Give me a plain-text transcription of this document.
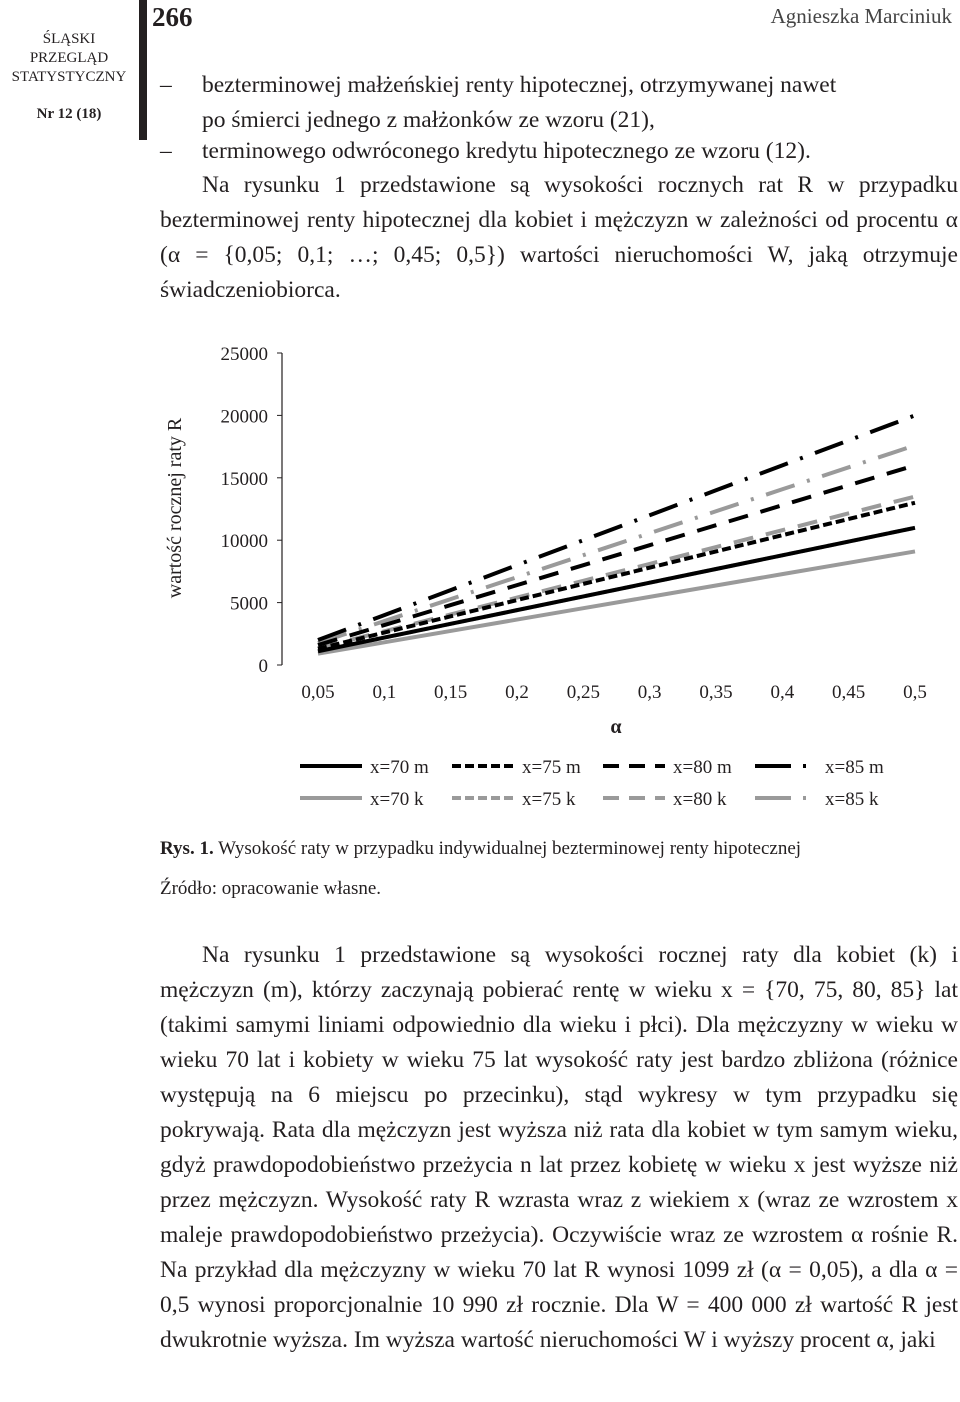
ŚLĄSKI
PRZEGLĄD
STATYSTYCZNY
Nr 12 (18)
266	Agnieszka Marciniuk
–	bezterminowej małżeńskiej renty hipotecznej, otrzymywanej nawet
po śmierci jednego z małżonków ze wzoru (21),
–	terminowego odwróconego kredytu hipotecznego ze wzoru (12).
Na rysunku 1 przedstawione są wysokości rocznych rat R w przypadku bezterminowej renty hipotecznej dla kobiet i mężczyzn w zależności od procentu α (α = {0,05; 0,1; …; 0,45; 0,5}) wartości nieruchomości W, jaką otrzymuje świadczeniobiorca.
0
5000
10000
15000
20000
25000
0,05 0,1 0,15 0,2 0,25 0,3 0,35 0,4 0,45 0,5
α
wartość rocznej raty R
x=70 m	x=75 m	x=80 m	x=85 m
x=70 k	x=75 k	x=80 k	x=85 k
Rys. 1. Wysokość raty w przypadku indywidualnej bezterminowej renty hipotecznej
Źródło: opracowanie własne.
Na rysunku 1 przedstawione są wysokości rocznej raty dla kobiet (k) i mężczyzn (m), którzy zaczynają pobierać rentę w wieku x = {70, 75, 80, 85} lat (takimi samymi liniami odpowiednio dla wieku i płci). Dla mężczyzny w wieku w wieku 70 lat i kobiety w wieku 75 lat wysokość raty jest bardzo zbliżona (różnice występują na 6 miejscu po przecinku), stąd wykresy w tym przypadku się pokrywają. Rata dla mężczyzn jest wyższa niż rata dla kobiet w tym samym wieku, gdyż prawdopodobieństwo przeżycia n lat przez kobietę w wieku x jest wyższe niż przez mężczyzn. Wysokość raty R wzrasta wraz z wiekiem x (wraz ze wzrostem x maleje prawdopodobieństwo przeżycia). Oczywiście wraz ze wzrostem α rośnie R. Na przykład dla mężczyzny w wieku 70 lat R wynosi 1099 zł (α = 0,05), a dla α = 0,5 wynosi proporcjonalnie 10 990 zł rocznie. Dla W = 400 000 zł wartość R jest dwukrotnie wyższa. Im wyższa wartość nieruchomości W i wyższy procent α, jaki
